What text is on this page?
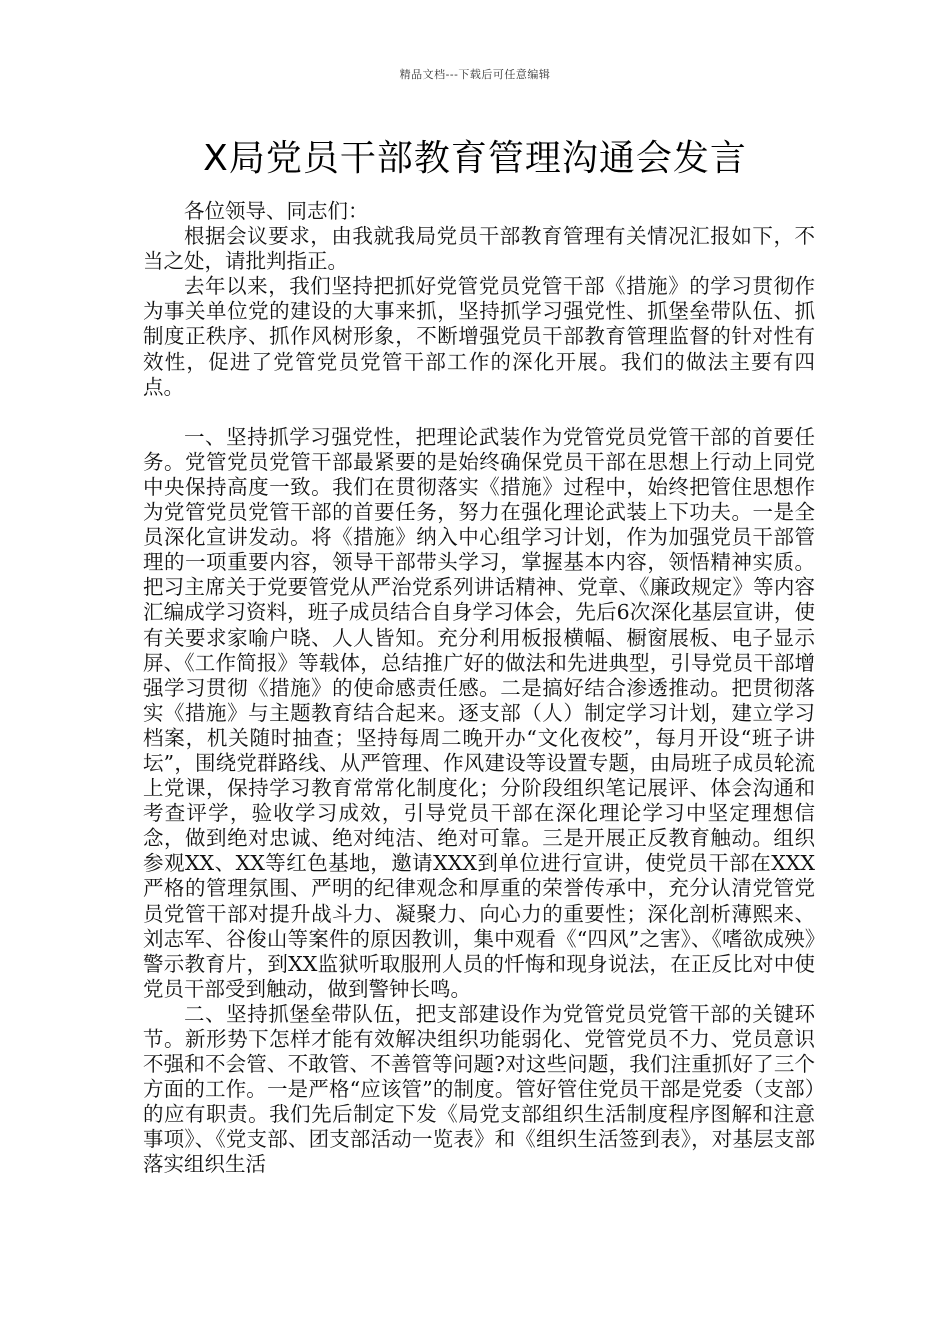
精品文档---下载后可任意编辑
X局党员干部教育管理沟通会发言

各位领导、同志们：

根据会议要求，由我就我局党员干部教育管理有关情况汇报如下，不当之处，请批判指正。

去年以来，我们坚持把抓好党管党员党管干部《措施》的学习贯彻作为事关单位党的建设的大事来抓，坚持抓学习强党性、抓堡垒带队伍、抓制度正秩序、抓作风树形象，不断增强党员干部教育管理监督的针对性有效性，促进了党管党员党管干部工作的深化开展。我们的做法主要有四点。

一、坚持抓学习强党性，把理论武装作为党管党员党管干部的首要任务。党管党员党管干部最紧要的是始终确保党员干部在思想上行动上同党中央保持高度一致。我们在贯彻落实《措施》过程中，始终把管住思想作为党管党员党管干部的首要任务，努力在强化理论武装上下功夫。一是全员深化宣讲发动。将《措施》纳入中心组学习计划，作为加强党员干部管理的一项重要内容，领导干部带头学习，掌握基本内容，领悟精神实质。把习主席关于党要管党从严治党系列讲话精神、党章、《廉政规定》等内容汇编成学习资料，班子成员结合自身学习体会，先后6次深化基层宣讲，使有关要求家喻户晓、人人皆知。充分利用板报横幅、橱窗展板、电子显示屏、《工作简报》等载体，总结推广好的做法和先进典型，引导党员干部增强学习贯彻《措施》的使命感责任感。二是搞好结合渗透推动。把贯彻落实《措施》与主题教育结合起来。逐支部（人）制定学习计划，建立学习档案，机关随时抽查；坚持每周二晚开办“文化夜校”，每月开设“班子讲坛”，围绕党群路线、从严管理、作风建设等设置专题，由局班子成员轮流上党课，保持学习教育常常化制度化；分阶段组织笔记展评、体会沟通和考查评学，验收学习成效，引导党员干部在深化理论学习中坚定理想信念，做到绝对忠诚、绝对纯洁、绝对可靠。三是开展正反教育触动。组织参观XX、XX等红色基地，邀请XXX到单位进行宣讲，使党员干部在XXX严格的管理氛围、严明的纪律观念和厚重的荣誉传承中，充分认清党管党员党管干部对提升战斗力、凝聚力、向心力的重要性；深化剖析薄熙来、刘志军、谷俊山等案件的原因教训，集中观看《“四风”之害》、《嗜欲成殃》警示教育片，到XX监狱听取服刑人员的忏悔和现身说法，在正反比对中使党员干部受到触动，做到警钟长鸣。

二、坚持抓堡垒带队伍，把支部建设作为党管党员党管干部的关键环节。新形势下怎样才能有效解决组织功能弱化、党管党员不力、党员意识不强和不会管、不敢管、不善管等问题?对这些问题，我们注重抓好了三个方面的工作。一是严格“应该管”的制度。管好管住党员干部是党委（支部）的应有职责。我们先后制定下发《局党支部组织生活制度程序图解和注意事项》、《党支部、团支部活动一览表》和《组织生活签到表》，对基层支部落实组织生活
